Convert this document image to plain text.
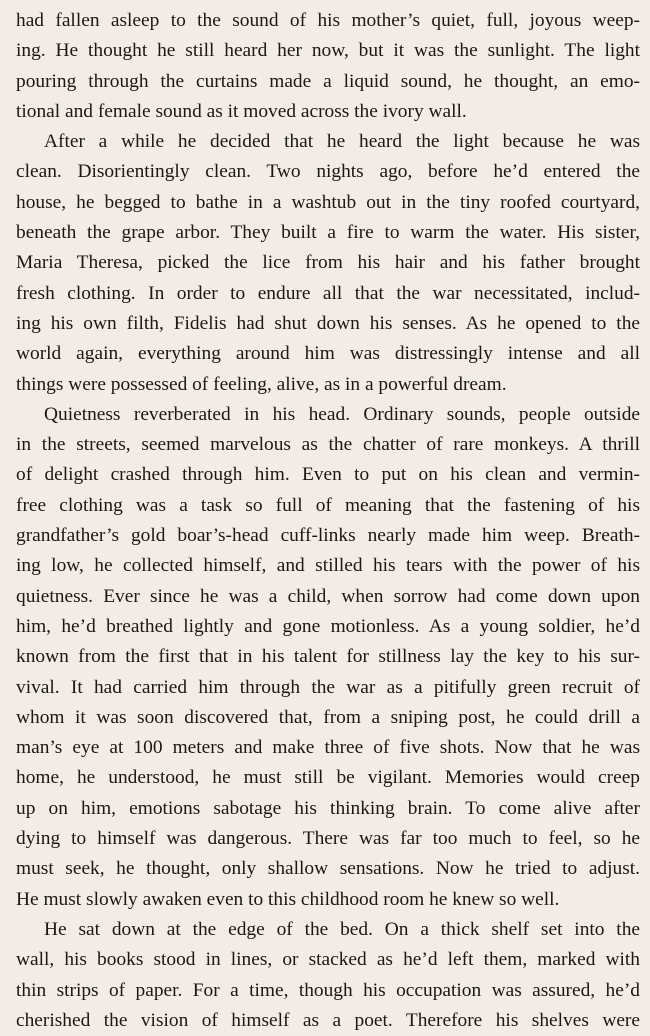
had fallen asleep to the sound of his mother’s quiet, full, joyous weep-
ing. He thought he still heard her now, but it was the sunlight. The light
pouring through the curtains made a liquid sound, he thought, an emo-
tional and female sound as it moved across the ivory wall.
After a while he decided that he heard the light because he was
clean. Disorientingly clean. Two nights ago, before he’d entered the
house, he begged to bathe in a washtub out in the tiny roofed courtyard,
beneath the grape arbor. They built a fire to warm the water. His sister,
Maria Theresa, picked the lice from his hair and his father brought
fresh clothing. In order to endure all that the war necessitated, includ-
ing his own filth, Fidelis had shut down his senses. As he opened to the
world again, everything around him was distressingly intense and all
things were possessed of feeling, alive, as in a powerful dream.
Quietness reverberated in his head. Ordinary sounds, people outside
in the streets, seemed marvelous as the chatter of rare monkeys. A thrill
of delight crashed through him. Even to put on his clean and vermin-
free clothing was a task so full of meaning that the fastening of his
grandfather’s gold boar’s-head cuff-links nearly made him weep. Breath-
ing low, he collected himself, and stilled his tears with the power of his
quietness. Ever since he was a child, when sorrow had come down upon
him, he’d breathed lightly and gone motionless. As a young soldier, he’d
known from the first that in his talent for stillness lay the key to his sur-
vival. It had carried him through the war as a pitifully green recruit of
whom it was soon discovered that, from a sniping post, he could drill a
man’s eye at 100 meters and make three of five shots. Now that he was
home, he understood, he must still be vigilant. Memories would creep
up on him, emotions sabotage his thinking brain. To come alive after
dying to himself was dangerous. There was far too much to feel, so he
must seek, he thought, only shallow sensations. Now he tried to adjust.
He must slowly awaken even to this childhood room he knew so well.
He sat down at the edge of the bed. On a thick shelf set into the
wall, his books stood in lines, or stacked as he’d left them, marked with
thin strips of paper. For a time, though his occupation was assured, he’d
cherished the vision of himself as a poet. Therefore his shelves were
